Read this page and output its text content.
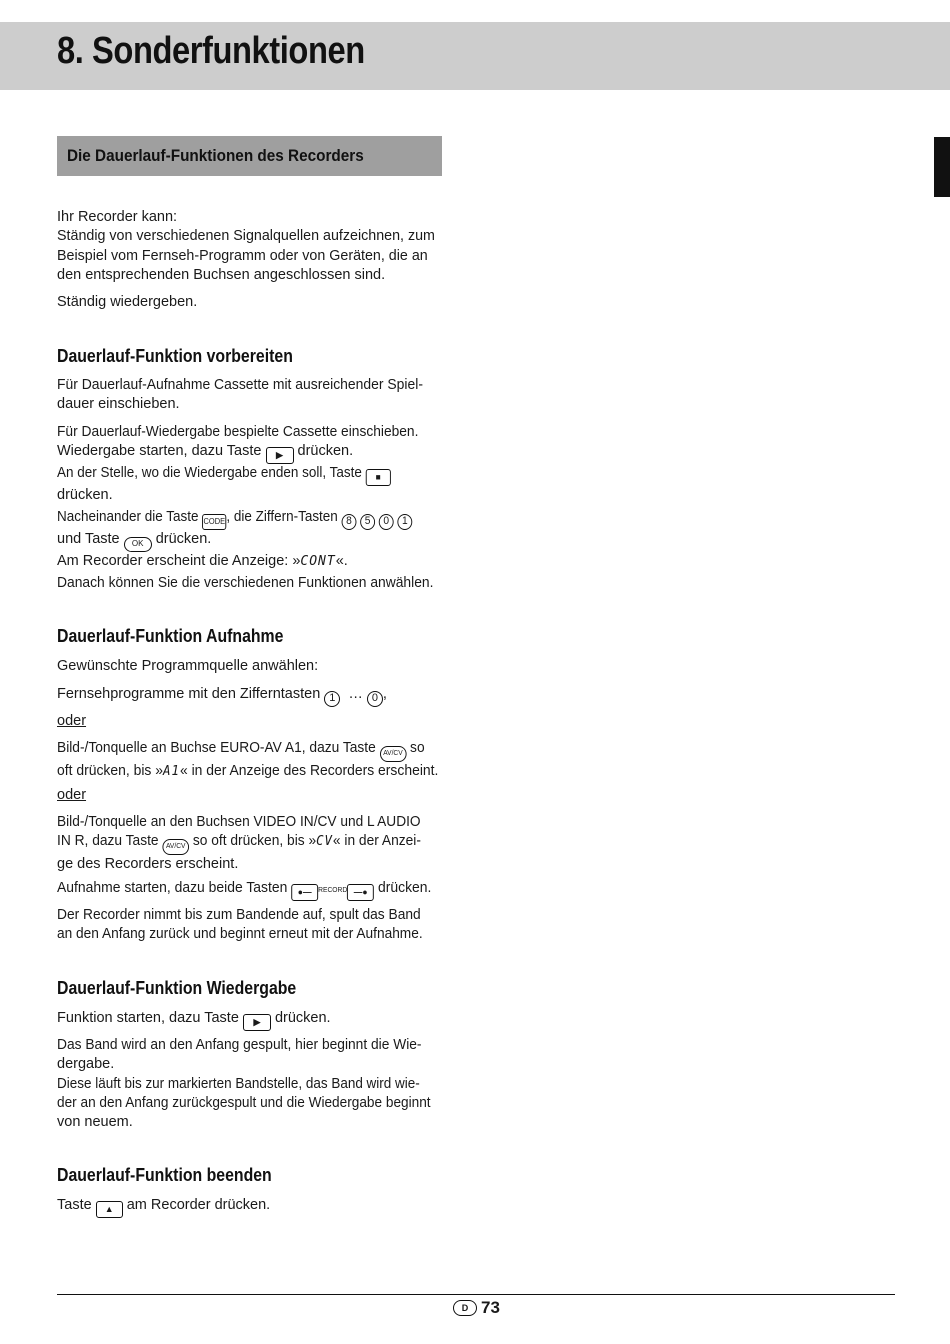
8. Sonderfunktionen
Die Dauerlauf-Funktionen des Recorders
Ihr Recorder kann:
Ständig von verschiedenen Signalquellen aufzeichnen, zum
Beispiel vom Fernseh-Programm oder von Geräten, die an
den entsprechenden Buchsen angeschlossen sind.
Ständig wiedergeben.
Dauerlauf-Funktion vorbereiten
Für Dauerlauf-Aufnahme Cassette mit ausreichender Spiel-
dauer einschieben.
Für Dauerlauf-Wiedergabe bespielte Cassette einschieben.
Wiedergabe starten, dazu Taste ▶ drücken.
An der Stelle, wo die Wiedergabe enden soll, Taste ■
drücken.
Nacheinander die Taste CODE, die Ziffern-Tasten 8 5 0 1
und Taste OK drücken.
Am Recorder erscheint die Anzeige: »CONT«.
Danach können Sie die verschiedenen Funktionen anwählen.
Dauerlauf-Funktion Aufnahme
Gewünschte Programmquelle anwählen:
Fernsehprogramme mit den Zifferntasten 1 … 0 ,
oder
Bild-/Tonquelle an Buchse EURO-AV A1, dazu Taste AV/CV so
oft drücken, bis »A1« in der Anzeige des Recorders erscheint.
oder
Bild-/Tonquelle an den Buchsen VIDEO IN/CV und L AUDIO
IN R, dazu Taste AV/CV so oft drücken, bis »CV« in der Anzei-
ge des Recorders erscheint.
Aufnahme starten, dazu beide Tasten ●— RECORD —● drücken.
Der Recorder nimmt bis zum Bandende auf, spult das Band
an den Anfang zurück und beginnt erneut mit der Aufnahme.
Dauerlauf-Funktion Wiedergabe
Funktion starten, dazu Taste ▶ drücken.
Das Band wird an den Anfang gespult, hier beginnt die Wie-
dergabe.
Diese läuft bis zur markierten Bandstelle, das Band wird wie-
der an den Anfang zurückgespult und die Wiedergabe beginnt
von neuem.
Dauerlauf-Funktion beenden
Taste ▲ am Recorder drücken.
D 73
